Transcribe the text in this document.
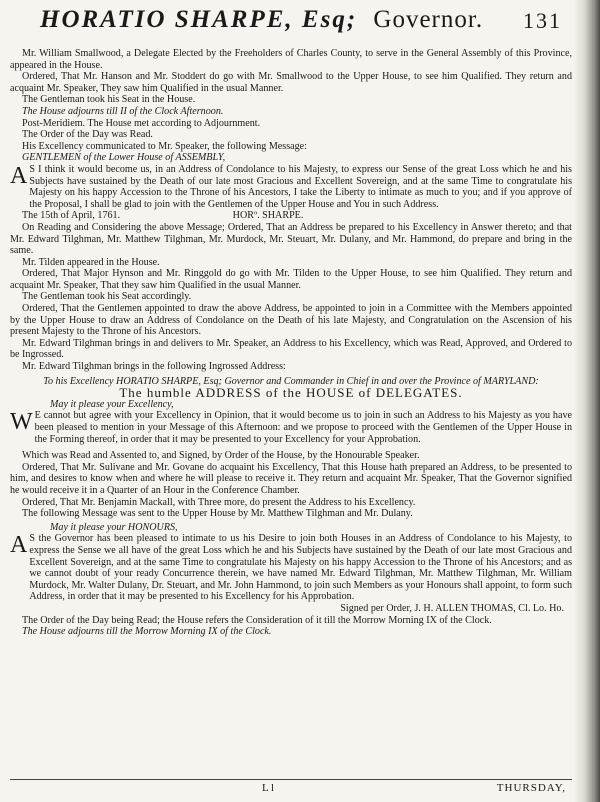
HORATIO SHARPE, Esq; Governor. 131

Mr. William Smallwood, a Delegate Elected by the Freeholders of Charles County, to serve in the General Assembly of this Province, appeared in the House.

Ordered, That Mr. Hanson and Mr. Stoddert do go with Mr. Smallwood to the Upper House, to see him Qualified. They return and acquaint Mr. Speaker, They saw him Qualified in the usual Manner.

The Gentleman took his Seat in the House.

The House adjourns till II of the Clock Afternoon.

Post-Meridiem. The House met according to Adjournment.

The Order of the Day was Read.

His Excellency communicated to Mr. Speaker, the following Message:

GENTLEMEN of the Lower House of ASSEMBLY,

A S I think it would become us, in an Address of Condolance to his Majesty, to express our Sense of the great Loss which he and his Subjects have sustained by the Death of our late most Gracious and Excellent Sovereign, and at the same Time to congratulate his Majesty on his happy Accession to the Throne of his Ancestors, I take the Liberty to intimate as much to you; and if you approve of the Proposal, I shall be glad to join with the Gentlemen of the Upper House and You in such Address.

The 15th of April, 1761.	HORº. SHARPE.

On Reading and Considering the above Message; Ordered, That an Address be prepared to his Excellency in Answer thereto; and that Mr. Edward Tilghman, Mr. Matthew Tilghman, Mr. Murdock, Mr. Steuart, Mr. Dulany, and Mr. Hammond, do prepare and bring in the same.

Mr. Tilden appeared in the House.

Ordered, That Major Hynson and Mr. Ringgold do go with Mr. Tilden to the Upper House, to see him Qualified. They return and acquaint Mr. Speaker, That they saw him Qualified in the usual Manner.

The Gentleman took his Seat accordingly.

Ordered, That the Gentlemen appointed to draw the above Address, be appointed to join in a Committee with the Members appointed by the Upper House to draw an Address of Condolance on the Death of his late Majesty, and Congratulation on the Ascension of his present Majesty to the Throne of his Ancestors.

Mr. Edward Tilghman brings in and delivers to Mr. Speaker, an Address to his Excellency, which was Read, Approved, and Ordered to be Ingrossed.

Mr. Edward Tilghman brings in the following Ingrossed Address:

To his Excellency HORATIO SHARPE, Esq; Governor and Commander in Chief in and over the Province of MARYLAND:

The humble ADDRESS of the HOUSE of DELEGATES.

May it please your Excellency,

W E cannot but agree with your Excellency in Opinion, that it would become us to join in such an Address to his Majesty as you have been pleased to mention in your Message of this Afternoon: and we propose to proceed with the Gentlemen of the Upper House in the Forming thereof, in order that it may be presented to your Excellency for your Approbation.

Which was Read and Assented to, and Signed, by Order of the House, by the Honourable Speaker.

Ordered, That Mr. Sulivane and Mr. Govane do acquaint his Excellency, That this House hath prepared an Address, to be presented to him, and desires to know when and where he will please to receive it. They return and acquaint Mr. Speaker, That the Governor signified he would receive it in a Quarter of an Hour in the Conference Chamber.

Ordered, That Mr. Benjamin Mackall, with Three more, do present the Address to his Excellency.

The following Message was sent to the Upper House by Mr. Matthew Tilghman and Mr. Dulany.

May it please your HONOURS,

A S the Governor has been pleased to intimate to us his Desire to join both Houses in an Address of Condolance to his Majesty, to express the Sense we all have of the great Loss which he and his Subjects have sustained by the Death of our late most Gracious and Excellent Sovereign, and at the same Time to congratulate his Majesty on his happy Accession to the Throne of his Ancestors; and as we cannot doubt of your ready Concurrence therein, we have named Mr. Edward Tilghman, Mr. Matthew Tilghman, Mr. William Murdock, Mr. Walter Dulany, Dr. Steuart, and Mr. John Hammond, to join such Members as your Honours shall appoint, to form such Address, in order that it may be presented to his Excellency for his Approbation.

Signed per Order, J. H. ALLEN THOMAS, Cl. Lo. Ho.

The Order of the Day being Read; the House refers the Consideration of it till the Morrow Morning IX of the Clock.

The House adjourns till the Morrow Morning IX of the Clock.

L l	THURSDAY,
